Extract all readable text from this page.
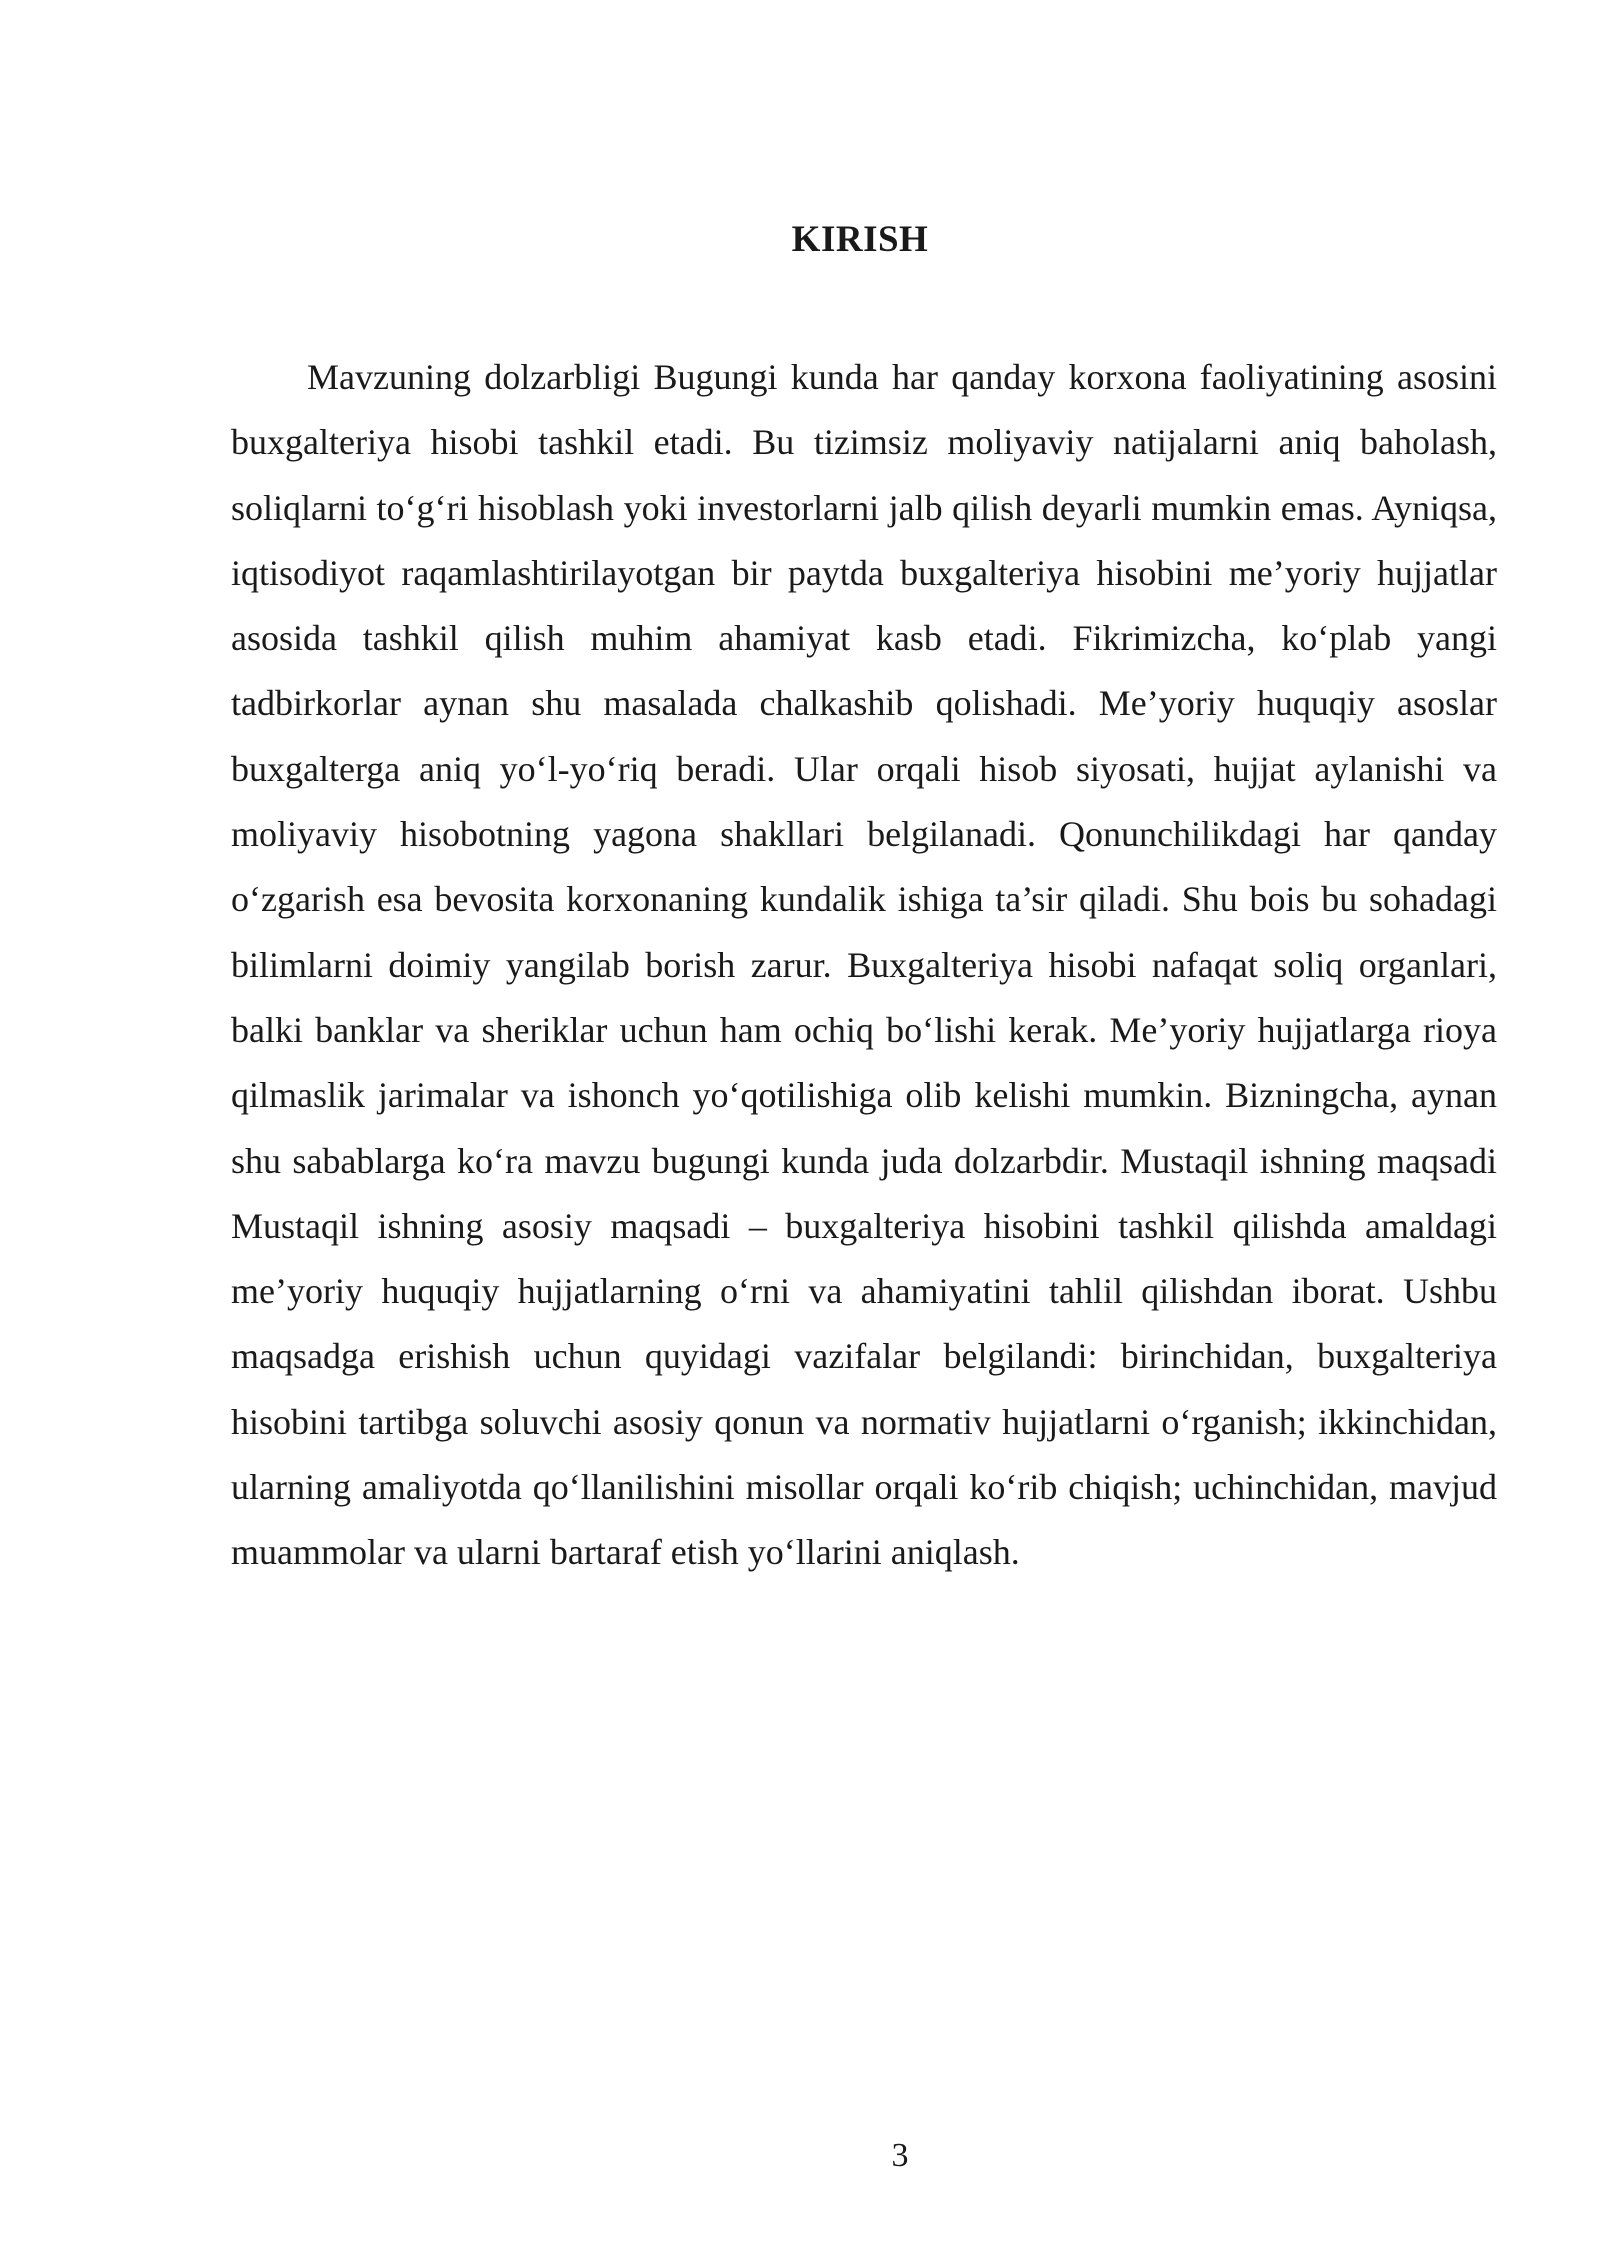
KIRISH

Mavzuning dolzarbligi Bugungi kunda har qanday korxona faoliyatining asosini buxgalteriya hisobi tashkil etadi. Bu tizimsiz moliyaviy natijalarni aniq baholash, soliqlarni to‘g‘ri hisoblash yoki investorlarni jalb qilish deyarli mumkin emas. Ayniqsa, iqtisodiyot raqamlashtirilayotgan bir paytda buxgalteriya hisobini me’yoriy hujjatlar asosida tashkil qilish muhim ahamiyat kasb etadi. Fikrimizcha, ko‘plab yangi tadbirkorlar aynan shu masalada chalkashib qolishadi. Me’yoriy huquqiy asoslar buxgalterga aniq yo‘l-yo‘riq beradi. Ular orqali hisob siyosati, hujjat aylanishi va moliyaviy hisobotning yagona shakllari belgilanadi. Qonunchilikdagi har qanday o‘zgarish esa bevosita korxonaning kundalik ishiga ta’sir qiladi. Shu bois bu sohadagi bilimlarni doimiy yangilab borish zarur. Buxgalteriya hisobi nafaqat soliq organlari, balki banklar va sheriklar uchun ham ochiq bo‘lishi kerak. Me’yoriy hujjatlarga rioya qilmaslik jarimalar va ishonch yo‘qotilishiga olib kelishi mumkin. Bizningcha, aynan shu sabablarga ko‘ra mavzu bugungi kunda juda dolzarbdir. Mustaqil ishning maqsadi Mustaqil ishning asosiy maqsadi – buxgalteriya hisobini tashkil qilishda amaldagi me’yoriy huquqiy hujjatlarning o‘rni va ahamiyatini tahlil qilishdan iborat. Ushbu maqsadga erishish uchun quyidagi vazifalar belgilandi: birinchidan, buxgalteriya hisobini tartibga soluvchi asosiy qonun va normativ hujjatlarni o‘rganish; ikkinchidan, ularning amaliyotda qo‘llanilishini misollar orqali ko‘rib chiqish; uchinchidan, mavjud muammolar va ularni bartaraf etish yo‘llarini aniqlash.

3
